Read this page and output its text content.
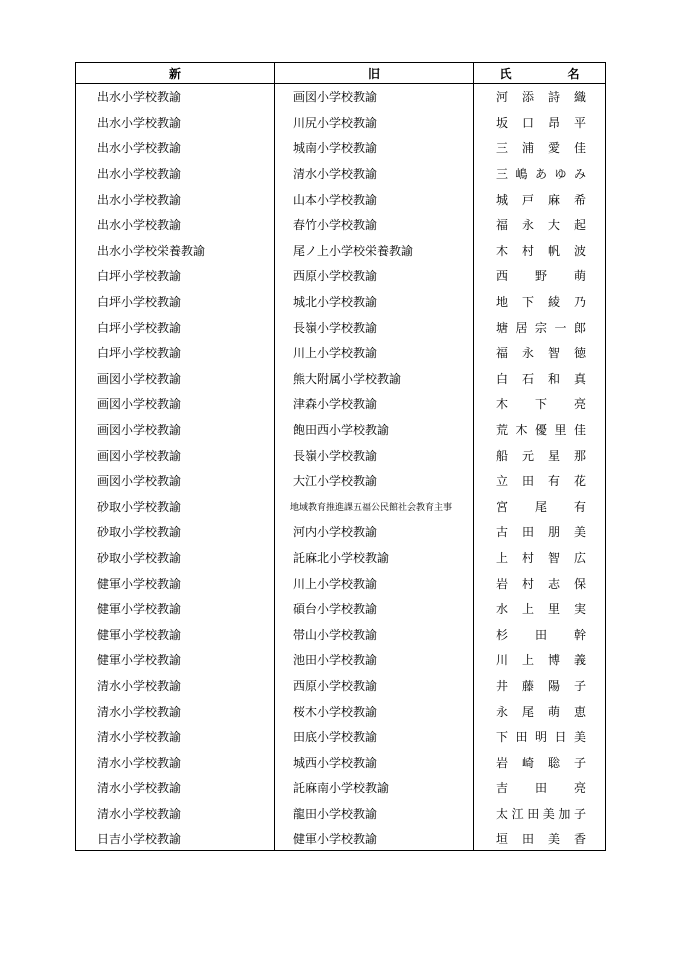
新	旧	氏名
出水小学校教諭	画図小学校教諭	河添詩織

出水小学校教諭	川尻小学校教諭	坂口昂平

出水小学校教諭	城南小学校教諭	三浦愛佳

出水小学校教諭	清水小学校教諭	三嶋あゆみ

出水小学校教諭	山本小学校教諭	城戸麻希

出水小学校教諭	春竹小学校教諭	福永大起

出水小学校栄養教諭	尾ノ上小学校栄養教諭	木村帆波

白坪小学校教諭	西原小学校教諭	西野萌

白坪小学校教諭	城北小学校教諭	地下綾乃

白坪小学校教諭	長嶺小学校教諭	塘居宗一郎

白坪小学校教諭	川上小学校教諭	福永智徳

画図小学校教諭	熊大附属小学校教諭	白石和真

画図小学校教諭	津森小学校教諭	木下亮

画図小学校教諭	飽田西小学校教諭	荒木優里佳

画図小学校教諭	長嶺小学校教諭	船元星那

画図小学校教諭	大江小学校教諭	立田有花

砂取小学校教諭	地域教育推進課五福公民館社会教育主事	宮尾有

砂取小学校教諭	河内小学校教諭	古田朋美

砂取小学校教諭	託麻北小学校教諭	上村智広

健軍小学校教諭	川上小学校教諭	岩村志保

健軍小学校教諭	碩台小学校教諭	水上里実

健軍小学校教諭	帯山小学校教諭	杉田幹

健軍小学校教諭	池田小学校教諭	川上博義

清水小学校教諭	西原小学校教諭	井藤陽子

清水小学校教諭	桜木小学校教諭	永尾萌恵

清水小学校教諭	田底小学校教諭	下田明日美

清水小学校教諭	城西小学校教諭	岩崎聡子

清水小学校教諭	託麻南小学校教諭	吉田亮

清水小学校教諭	龍田小学校教諭	太江田美加子

日吉小学校教諭	健軍小学校教諭	垣田美香
